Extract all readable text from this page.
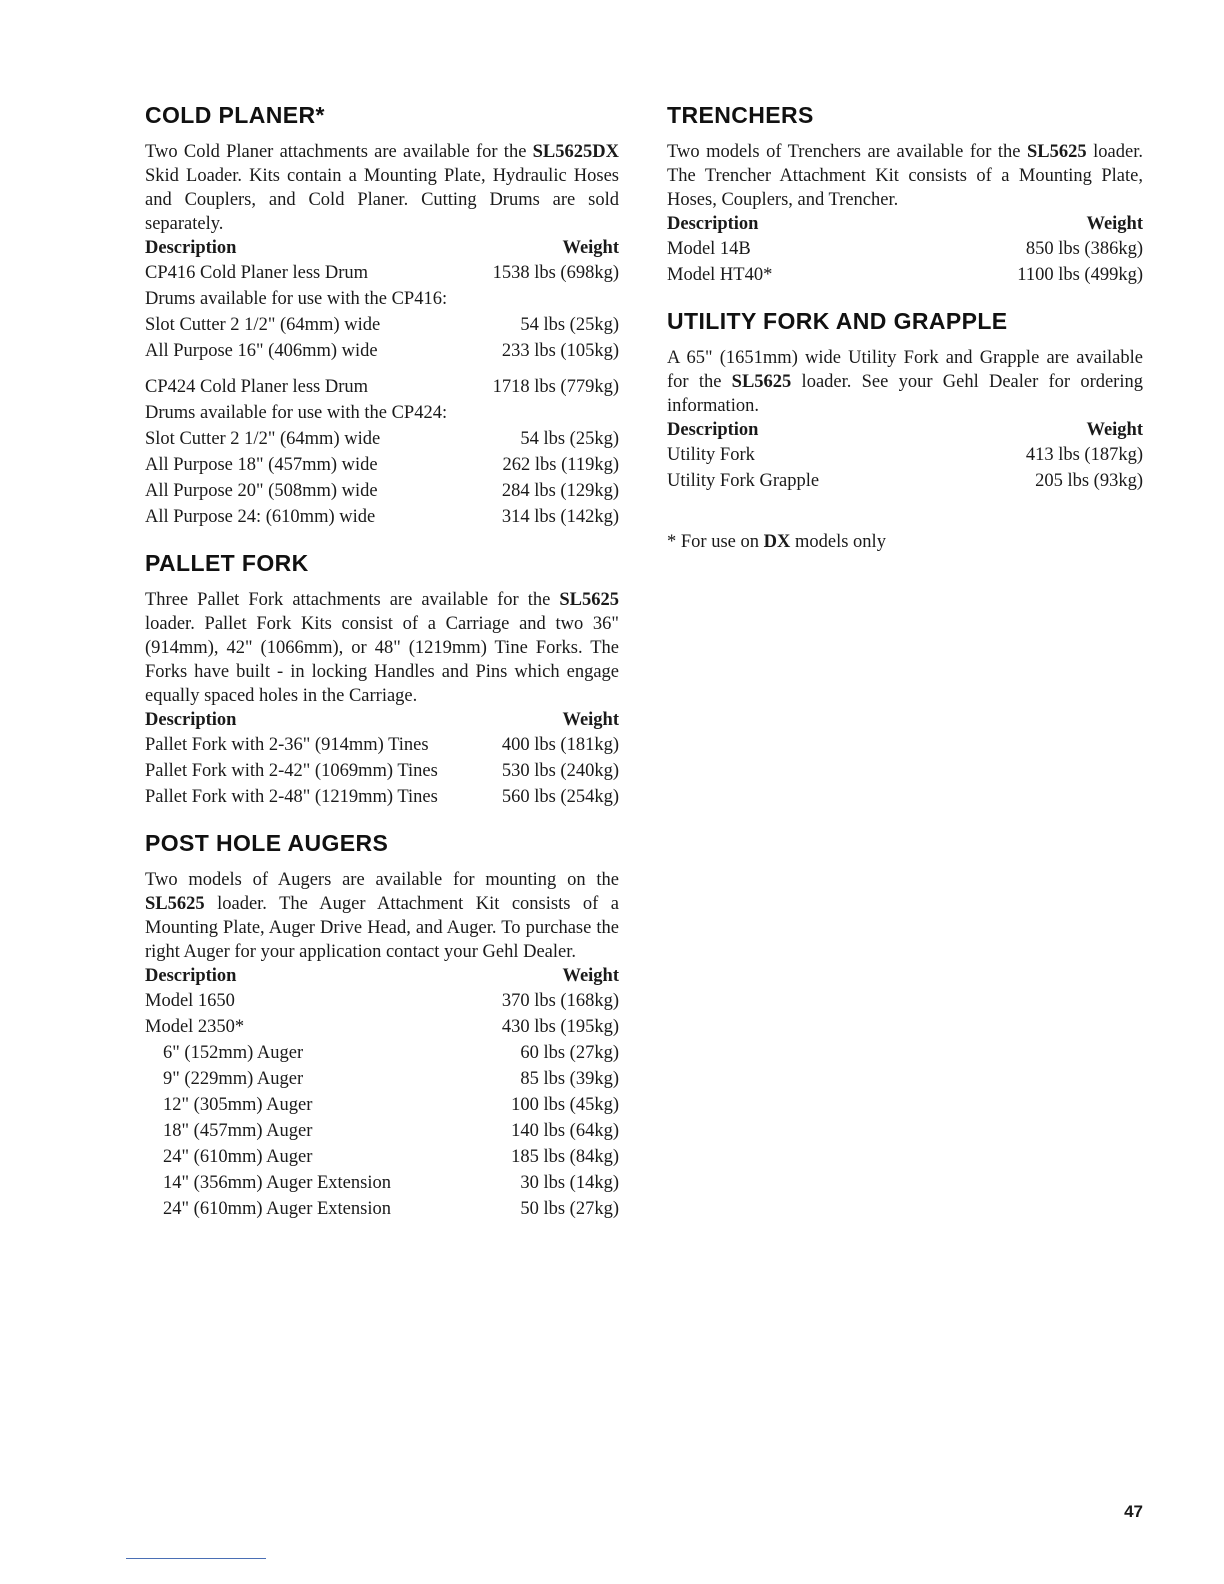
COLD PLANER*

Two Cold Planer attachments are available for the SL5625DX Skid Loader. Kits contain a Mounting Plate, Hydraulic Hoses and Couplers, and Cold Planer. Cutting Drums are sold separately.

Description	Weight
CP416 Cold Planer less Drum	1538 lbs (698kg)
Drums available for use with the CP416:
Slot Cutter 2 1/2" (64mm) wide	54 lbs (25kg)
All Purpose 16" (406mm) wide	233 lbs (105kg)
CP424 Cold Planer less Drum	1718 lbs (779kg)
Drums available for use with the CP424:
Slot Cutter 2 1/2" (64mm) wide	54 lbs (25kg)
All Purpose 18" (457mm) wide	262 lbs (119kg)
All Purpose 20" (508mm) wide	284 lbs (129kg)
All Purpose 24: (610mm) wide	314 lbs (142kg)
PALLET FORK

Three Pallet Fork attachments are available for the SL5625 loader. Pallet Fork Kits consist of a Carriage and two 36" (914mm), 42" (1066mm), or 48" (1219mm) Tine Forks. The Forks have built - in locking Handles and Pins which engage equally spaced holes in the Carriage.

Description	Weight
Pallet Fork with 2-36" (914mm) Tines	400 lbs (181kg)
Pallet Fork with 2-42" (1069mm) Tines	530 lbs (240kg)
Pallet Fork with 2-48" (1219mm) Tines	560 lbs (254kg)
POST HOLE AUGERS

Two models of Augers are available for mounting on the SL5625 loader. The Auger Attachment Kit consists of a Mounting Plate, Auger Drive Head, and Auger. To purchase the right Auger for your application contact your Gehl Dealer.

Description	Weight
Model 1650	370 lbs (168kg)
Model 2350*	430 lbs (195kg)
6" (152mm) Auger	60 lbs (27kg)
9" (229mm) Auger	85 lbs (39kg)
12" (305mm) Auger	100 lbs (45kg)
18" (457mm) Auger	140 lbs (64kg)
24" (610mm) Auger	185 lbs (84kg)
14" (356mm) Auger Extension	30 lbs (14kg)
24" (610mm) Auger Extension	50 lbs (27kg)
TRENCHERS

Two models of Trenchers are available for the SL5625 loader. The Trencher Attachment Kit consists of a Mounting Plate, Hoses, Couplers, and Trencher.

Description	Weight
Model 14B	850 lbs (386kg)
Model HT40*	1100 lbs (499kg)
UTILITY FORK AND GRAPPLE

A 65" (1651mm) wide Utility Fork and Grapple are available for the SL5625 loader. See your Gehl Dealer for ordering information.

Description	Weight
Utility Fork	413 lbs (187kg)
Utility Fork Grapple	205 lbs (93kg)
* For use on DX models only
47
